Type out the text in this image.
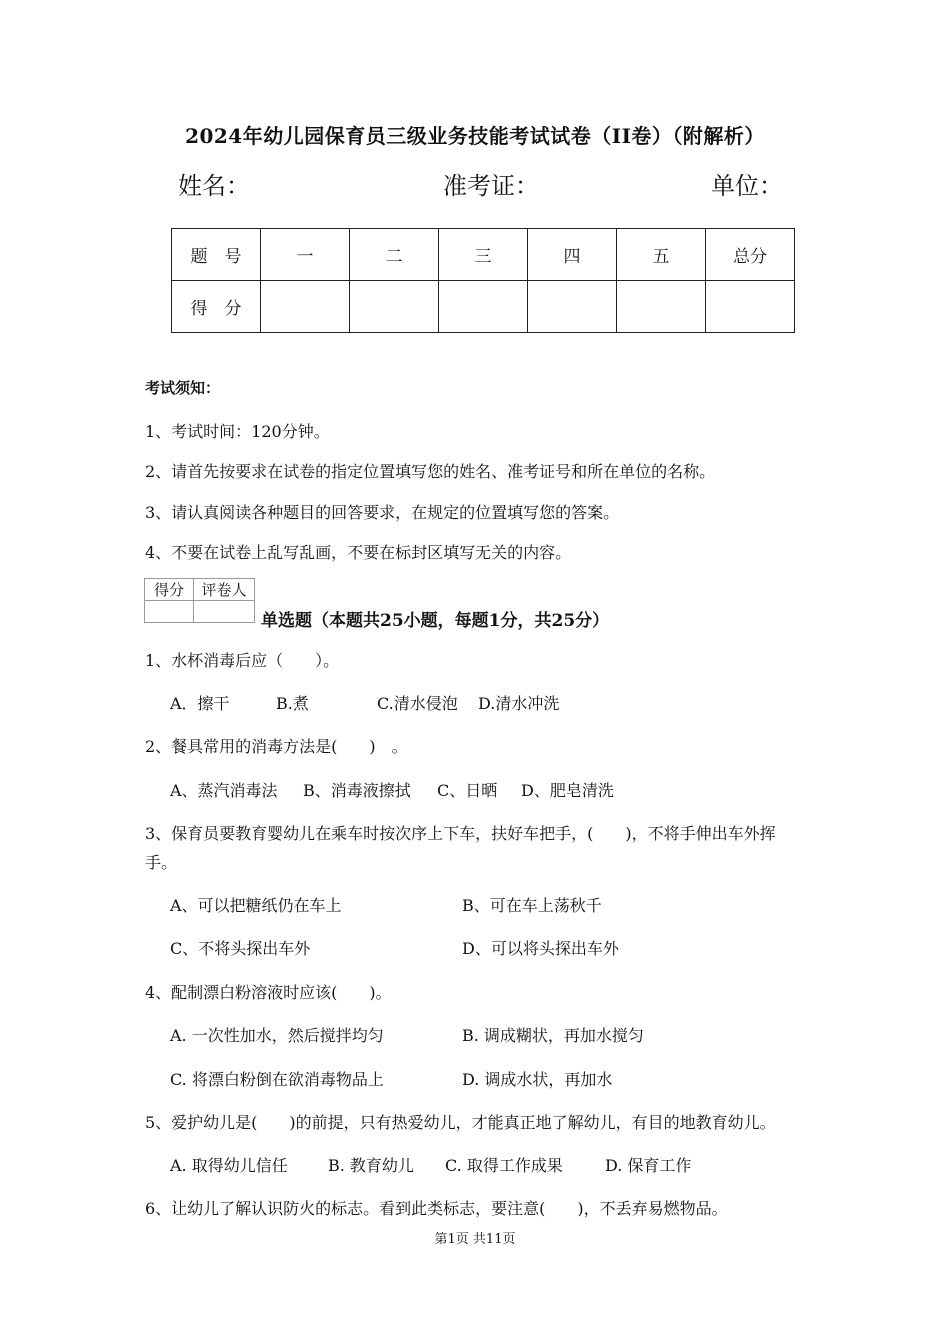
2024年幼儿园保育员三级业务技能考试试卷（II卷）（附解析）
姓名：	准考证：	单位：
题　号	一	二	三	四	五	总分
得　分						
考试须知：
1、考试时间：120分钟。
2、请首先按要求在试卷的指定位置填写您的姓名、准考证号和所在单位的名称。
3、请认真阅读各种题目的回答要求，在规定的位置填写您的答案。
4、不要在试卷上乱写乱画，不要在标封区填写无关的内容。
得分	评卷人

单选题（本题共25小题，每题1分，共25分）
1、水杯消毒后应（　　）。
A．擦干	B.煮	C.清水侵泡 D.清水冲洗
2、餐具常用的消毒方法是(　　)　。
A、蒸汽消毒法 B、消毒液擦拭 C、日晒 D、肥皂清洗
3、保育员要教育婴幼儿在乘车时按次序上下车，扶好车把手，(　　)，不将手伸出车外挥
手。
A、可以把糖纸仍在车上	B、可在车上荡秋千
C、不将头探出车外	D、可以将头探出车外
4、配制漂白粉溶液时应该(　　)。
A. 一次性加水，然后搅拌均匀	B. 调成糊状，再加水搅匀
C. 将漂白粉倒在欲消毒物品上	D. 调成水状，再加水
5、爱护幼儿是(　　)的前提，只有热爱幼儿，才能真正地了解幼儿，有目的地教育幼儿。
A. 取得幼儿信任	B. 教育幼儿 C. 取得工作成果	D. 保育工作
6、让幼儿了解认识防火的标志。看到此类标志，要注意(　　)，不丢弃易燃物品。
第1页 共11页
